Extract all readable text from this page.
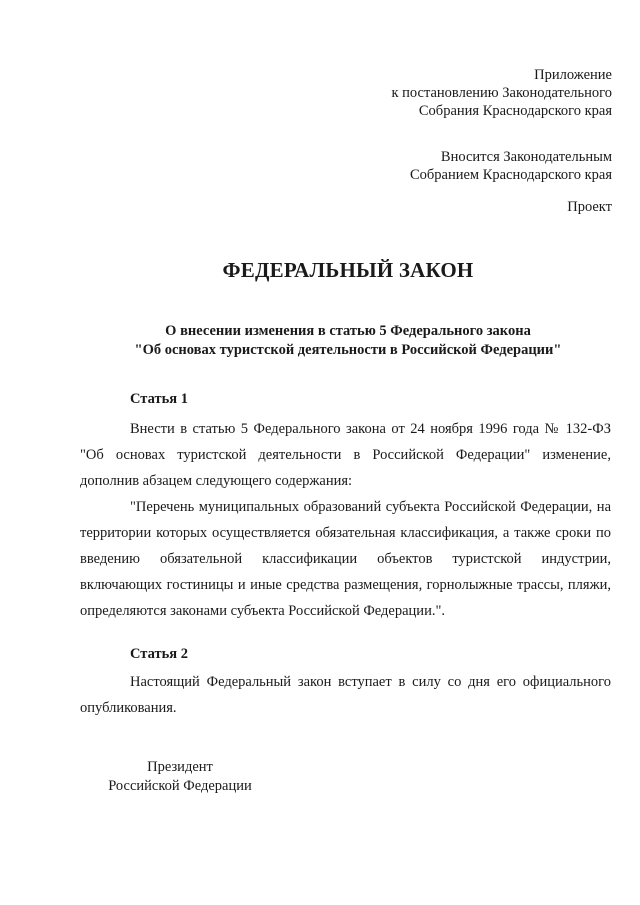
Приложение
к постановлению Законодательного
Собрания Краснодарского края
Вносится Законодательным
Собранием Краснодарского края
Проект
ФЕДЕРАЛЬНЫЙ ЗАКОН
О внесении изменения в статью 5 Федерального закона
"Об основах туристской деятельности в Российской Федерации"
Статья 1

Внести в статью 5 Федерального закона от 24 ноября 1996 года № 132-ФЗ "Об основах туристской деятельности в Российской Федерации" изменение, дополнив абзацем следующего содержания:

"Перечень муниципальных образований субъекта Российской Федерации, на территории которых осуществляется обязательная классификация, а также сроки по введению обязательной классификации объектов туристской индустрии, включающих гостиницы и иные средства размещения, горнолыжные трассы, пляжи, определяются законами субъекта Российской Федерации.".

Статья 2

Настоящий Федеральный закон вступает в силу со дня его официального опубликования.

Президент
Российской Федерации
